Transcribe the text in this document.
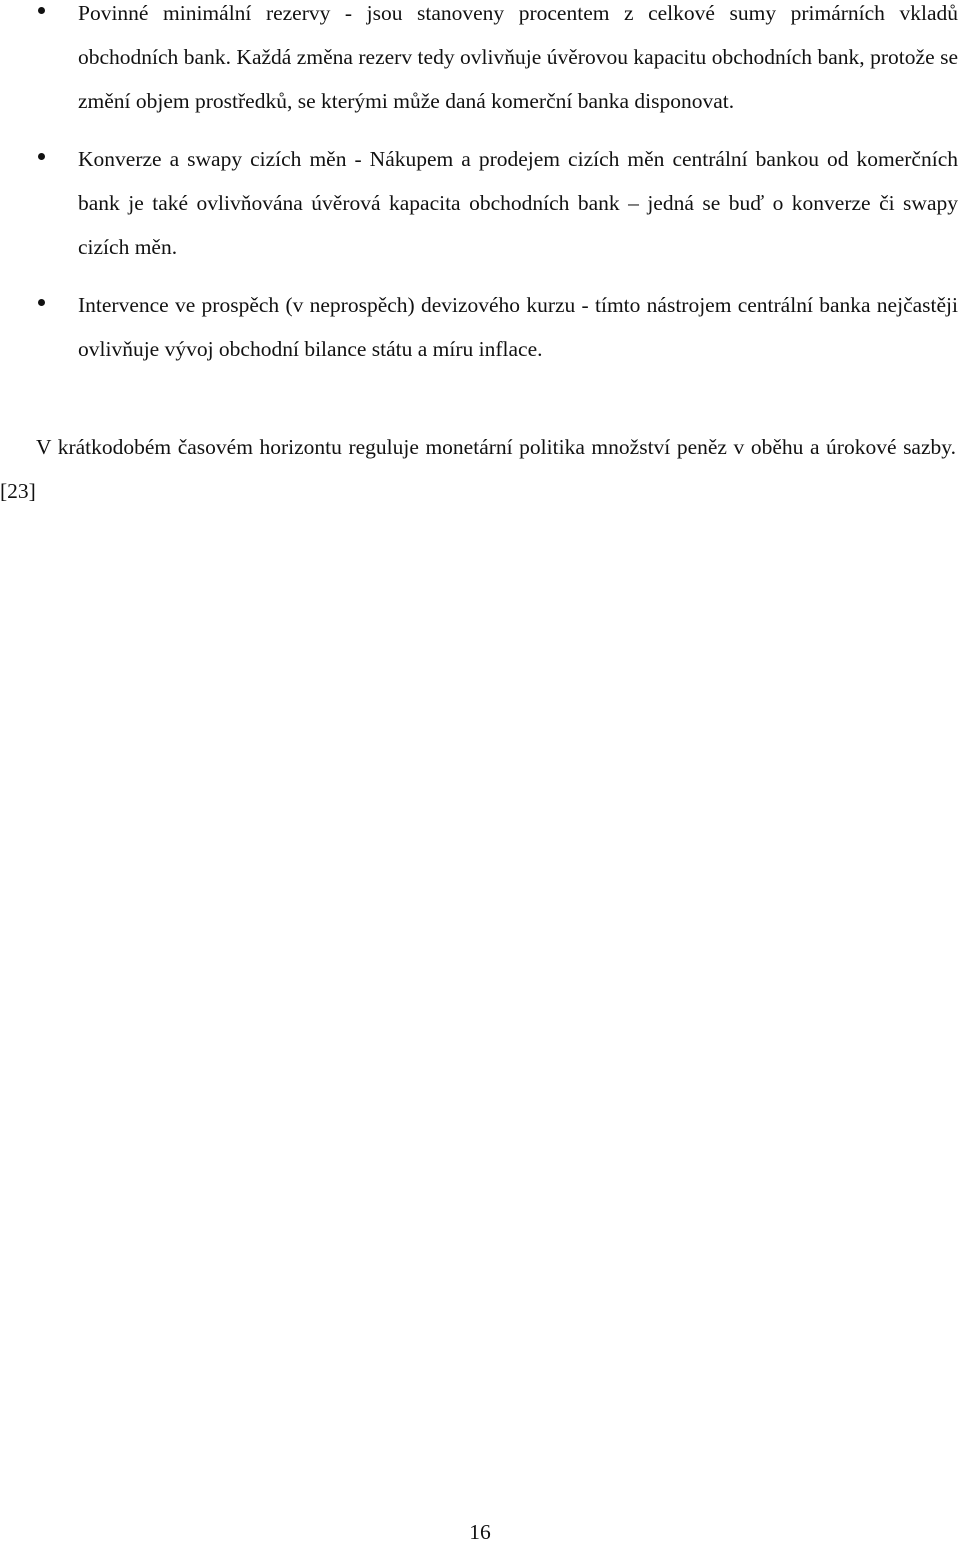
Povinné minimální rezervy - jsou stanoveny procentem z celkové sumy primárních vkladů obchodních bank. Každá změna rezerv tedy ovlivňuje úvěrovou kapacitu obchodních bank, protože se změní objem prostředků, se kterými může daná komerční banka disponovat.
Konverze a swapy cizích měn - Nákupem a prodejem cizích měn centrální bankou od komerčních bank je také ovlivňována úvěrová kapacita obchodních bank – jedná se buď o konverze či swapy cizích měn.
Intervence ve prospěch (v neprospěch) devizového kurzu - tímto nástrojem centrální banka nejčastěji ovlivňuje vývoj obchodní bilance státu a míru inflace.

V krátkodobém časovém horizontu reguluje monetární politika množství peněz v oběhu a úrokové sazby.[23]

16
